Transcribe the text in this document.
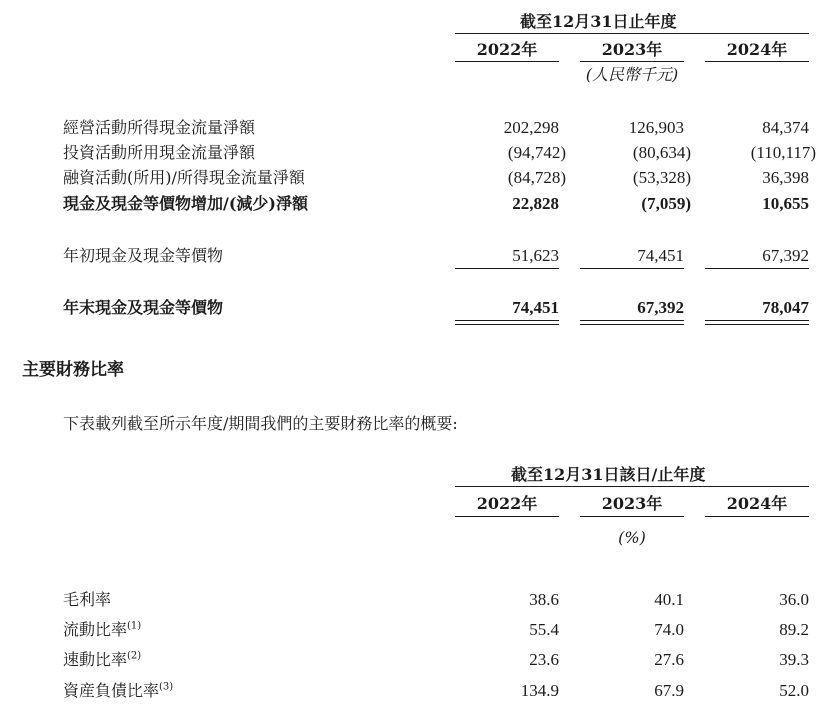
截至12月31日止年度
2022年	2023年	2024年
(人民幣千元)
經營活動所得現金流量淨額	202,298	126,903	84,374
投資活動所用現金流量淨額	(94,742)	(80,634)	(110,117)
融資活動(所用)/所得現金流量淨額	(84,728)	(53,328)	36,398
現金及現金等價物增加/(減少)淨額	22,828	(7,059)	10,655
年初現金及現金等價物	51,623	74,451	67,392
年末現金及現金等價物	74,451	67,392	78,047
主要財務比率
下表載列截至所示年度/期間我們的主要財務比率的概要:
截至12月31日該日/止年度
2022年	2023年	2024年
(%)
毛利率	38.6	40.1	36.0
流動比率$^{(1)}$	55.4	74.0	89.2
速動比率$^{(2)}$	23.6	27.6	39.3
資産負債比率$^{(3)}$	134.9	67.9	52.0
